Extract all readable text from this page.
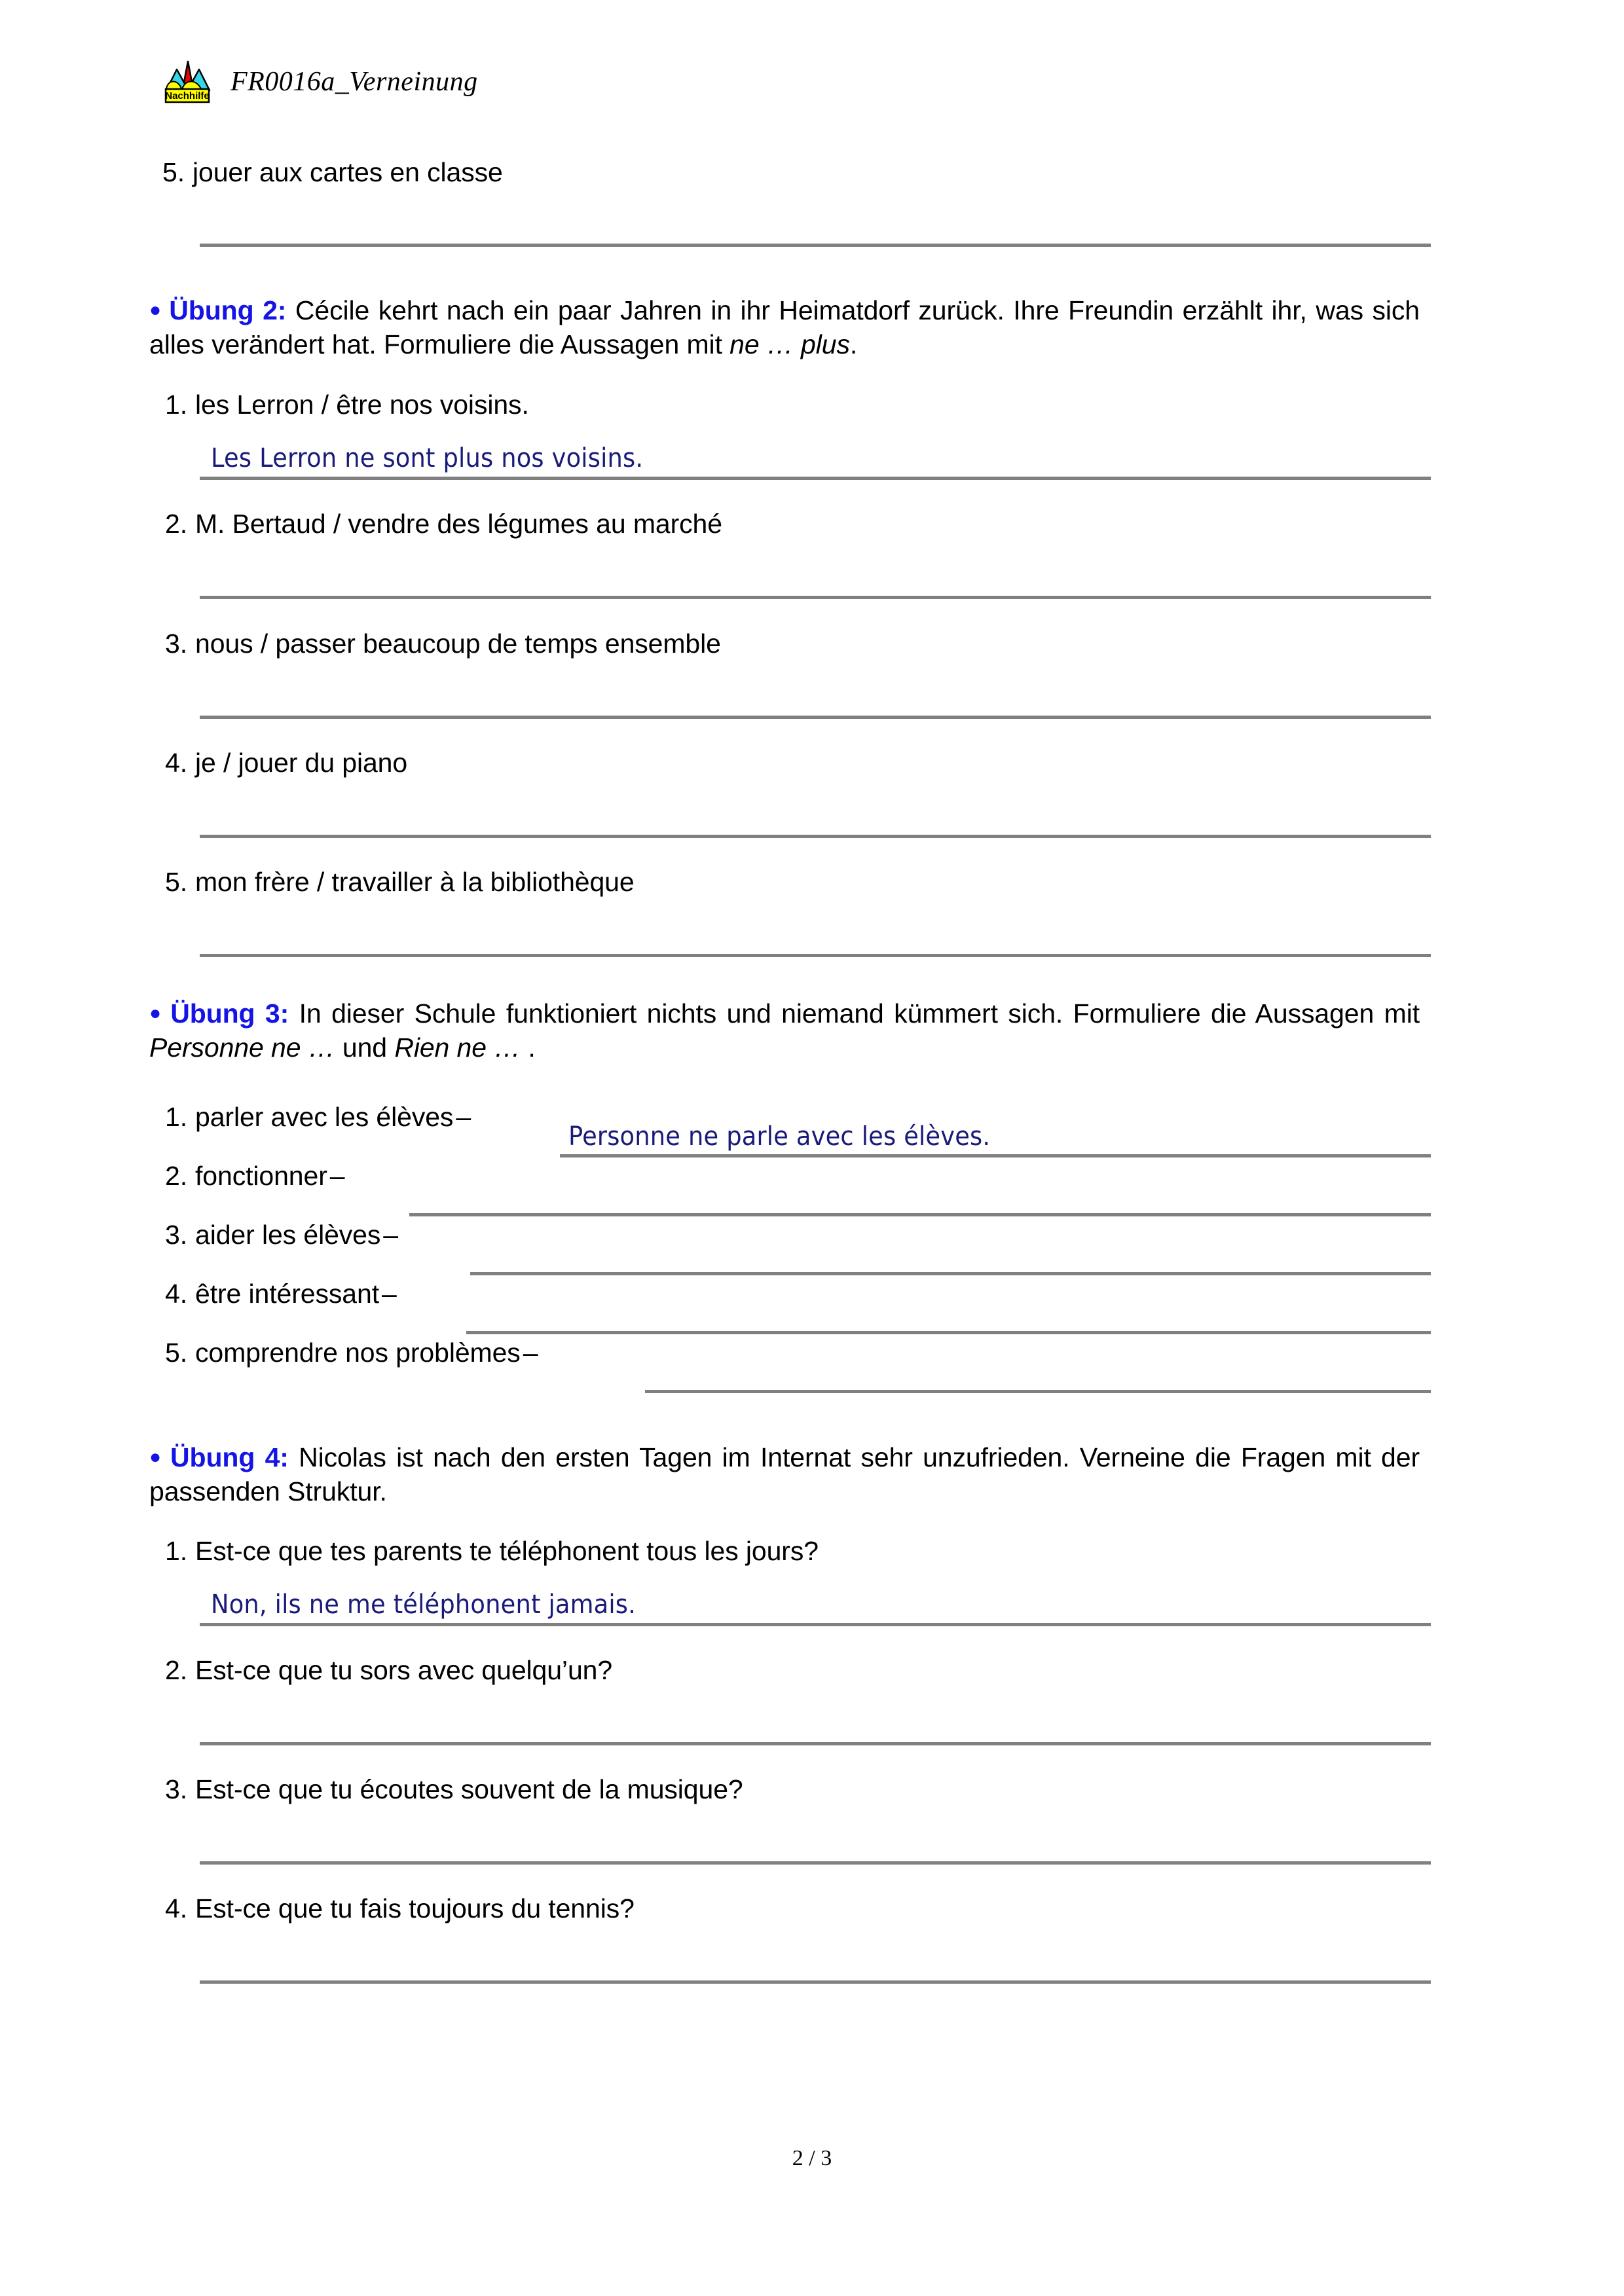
Nachhilfe FR0016a_Verneinung
5. jouer aux cartes en classe
● Übung 2: Cécile kehrt nach ein paar Jahren in ihr Heimatdorf zurück. Ihre Freundin erzählt ihr, was sich alles verändert hat. Formuliere die Aussagen mit ne … plus.
1. les Lerron / être nos voisins.
Les Lerron ne sont plus nos voisins.
2. M. Bertaud / vendre des légumes au marché
3. nous / passer beaucoup de temps ensemble
4. je / jouer du piano
5. mon frère / travailler à la bibliothèque
● Übung 3: In dieser Schule funktioniert nichts und niemand kümmert sich. Formuliere die Aussagen mit Personne ne … und Rien ne … .
1. parler avec les élèves–
Personne ne parle avec les élèves.
2. fonctionner–
3. aider les élèves–
4. être intéressant–
5. comprendre nos problèmes–
● Übung 4: Nicolas ist nach den ersten Tagen im Internat sehr unzufrieden. Verneine die Fragen mit der passenden Struktur.
1. Est-ce que tes parents te téléphonent tous les jours?
Non, ils ne me téléphonent jamais.
2. Est-ce que tu sors avec quelqu’un?
3. Est-ce que tu écoutes souvent de la musique?
4. Est-ce que tu fais toujours du tennis?
2 / 3
